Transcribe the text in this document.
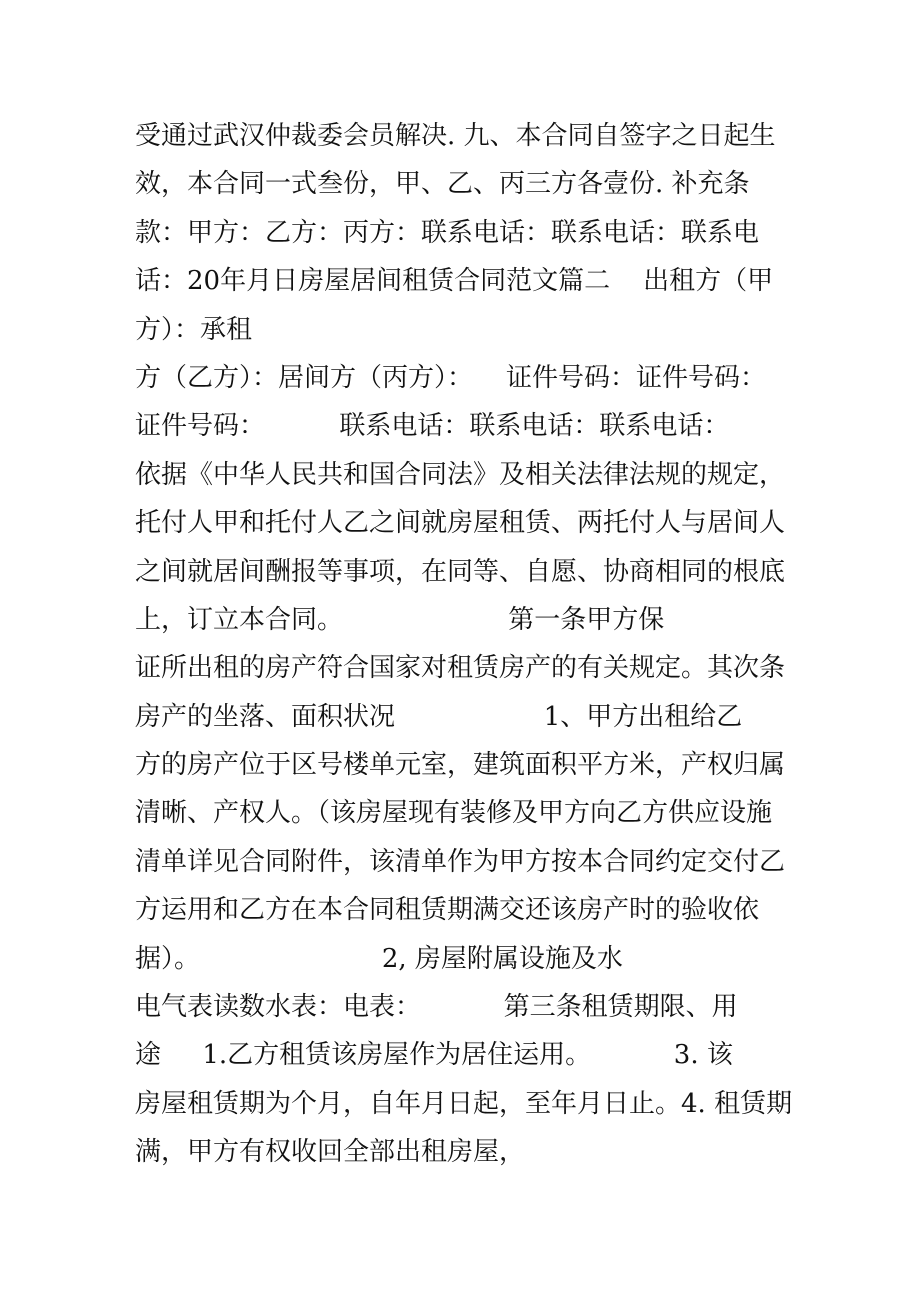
受通过武汉仲裁委会员解决. 九、本合同自签字之日起生
效，本合同一式叁份，甲、乙、丙三方各壹份. 补充条
款：甲方：乙方：丙方：联系电话：联系电话：联系电
话：20年月日房屋居间租赁合同范文篇二    出租方（甲
方）：承租
方（乙方）：居间方（丙方）：    证件号码：证件号码：
证件号码：         联系电话：联系电话：联系电话：
依据《中华人民共和国合同法》及相关法律法规的规定，
托付人甲和托付人乙之间就房屋租赁、两托付人与居间人
之间就居间酬报等事项，在同等、自愿、协商相同的根底
上，订立本合同。                    第一条甲方保
证所出租的房产符合国家对租赁房产的有关规定。其次条
房产的坐落、面积状况                  1、甲方出租给乙
方的房产位于区号楼单元室，建筑面积平方米，产权归属
清晰、产权人。（该房屋现有装修及甲方向乙方供应设施
清单详见合同附件，该清单作为甲方按本合同约定交付乙
方运用和乙方在本合同租赁期满交还该房产时的验收依
据）。                      2, 房屋附属设施及水
电气表读数水表：电表：          第三条租赁期限、用
途     1.乙方租赁该房屋作为居住运用。          3. 该
房屋租赁期为个月，自年月日起，至年月日止。4. 租赁期
满，甲方有权收回全部出租房屋，
